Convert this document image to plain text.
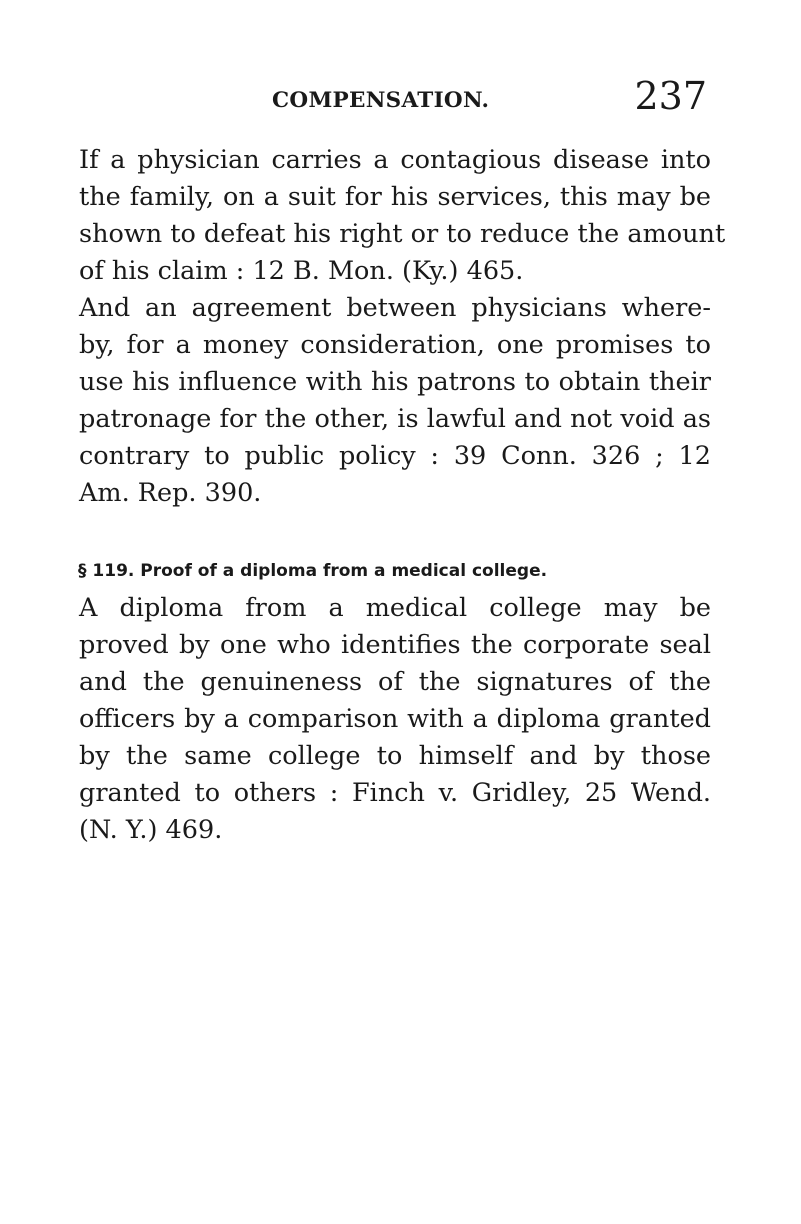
COMPENSATION.	237

If a physician carries a contagious disease into
the family, on a suit for his services, this may be
shown to defeat his right or to reduce the amount
of his claim : 12 B. Mon. (Ky.) 465.

And an agreement between physicians where-
by, for a money consideration, one promises to
use his influence with his patrons to obtain their
patronage for the other, is lawful and not void as
contrary to public policy : 39 Conn. 326 ; 12
Am. Rep. 390.

§ 119. Proof of a diploma from a medical college.

A diploma from a medical college may be
proved by one who identifies the corporate seal
and the genuineness of the signatures of the
officers by a comparison with a diploma granted
by the same college to himself and by those
granted to others : Finch v. Gridley, 25 Wend.
(N. Y.) 469.
